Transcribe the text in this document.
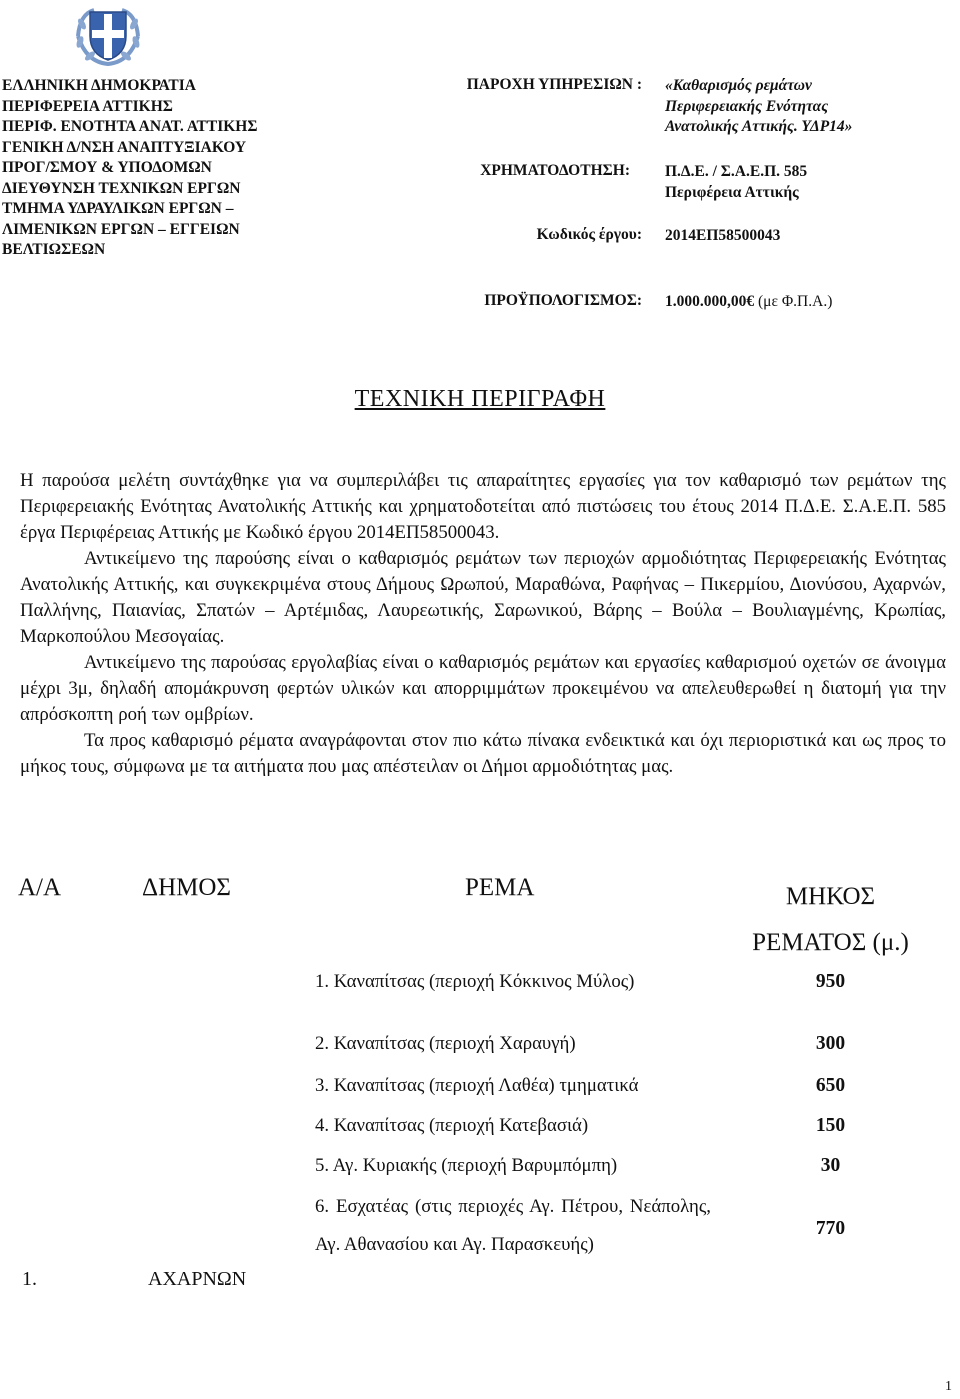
ΕΛΛΗΝΙΚΗ ΔΗΜΟΚΡΑΤΙΑ
ΠΕΡΙΦΕΡΕΙΑ ΑΤΤΙΚΗΣ
ΠΕΡΙΦ. ΕΝΟΤΗΤΑ ΑΝΑΤ. ΑΤΤΙΚΗΣ
ΓΕΝΙΚΗ Δ/ΝΣΗ ΑΝΑΠΤΥΞΙΑΚΟΥ
ΠΡΟΓ/ΣΜΟΥ & ΥΠΟΔΟΜΩΝ
ΔΙΕΥΘΥΝΣΗ ΤΕΧΝΙΚΩΝ ΕΡΓΩΝ
ΤΜΗΜΑ ΥΔΡΑΥΛΙΚΩΝ ΕΡΓΩΝ –
ΛΙΜΕΝΙΚΩΝ ΕΡΓΩΝ – ΕΓΓΕΙΩΝ
ΒΕΛΤΙΩΣΕΩΝ
ΠΑΡΟΧΗ ΥΠΗΡΕΣΙΩΝ : «Καθαρισμός ρεμάτων
Περιφερειακής Ενότητας
Ανατολικής Αττικής. ΥΔΡ14»
ΧΡΗΜΑΤΟΔΟΤΗΣΗ: Π.Δ.Ε. / Σ.Α.Ε.Π. 585
Περιφέρεια Αττικής
Κωδικός έργου: 2014ΕΠ58500043
ΠΡΟΫΠΟΛΟΓΙΣΜΟΣ: 1.000.000,00€ (με Φ.Π.Α.)
ΤΕΧΝΙΚΗ ΠΕΡΙΓΡΑΦΗ

Η παρούσα μελέτη συντάχθηκε για να συμπεριλάβει τις απαραίτητες εργασίες για τον καθαρισμό των ρεμάτων της Περιφερειακής Ενότητας Ανατολικής Αττικής και χρηματοδοτείται από πιστώσεις του έτους 2014 Π.Δ.Ε. Σ.Α.Ε.Π. 585 έργα Περιφέρειας Αττικής με Κωδικό έργου 2014ΕΠ58500043.

Αντικείμενο της παρούσης είναι ο καθαρισμός ρεμάτων των περιοχών αρμοδιότητας Περιφερειακής Ενότητας Ανατολικής Αττικής, και συγκεκριμένα στους Δήμους Ωρωπού, Μαραθώνα, Ραφήνας – Πικερμίου, Διονύσου, Αχαρνών, Παλλήνης, Παιανίας, Σπατών – Αρτέμιδας, Λαυρεωτικής, Σαρωνικού, Βάρης – Βούλα – Βουλιαγμένης, Κρωπίας, Μαρκοπούλου Μεσογαίας.

Αντικείμενο της παρούσας εργολαβίας είναι ο καθαρισμός ρεμάτων και εργασίες καθαρισμού οχετών σε άνοιγμα μέχρι 3μ, δηλαδή απομάκρυνση φερτών υλικών και απορριμμάτων προκειμένου να απελευθερωθεί η διατομή για την απρόσκοπτη ροή των ομβρίων.

Τα προς καθαρισμό ρέματα αναγράφονται στον πιο κάτω πίνακα ενδεικτικά και όχι περιοριστικά και ως προς το μήκος τους, σύμφωνα με τα αιτήματα που μας απέστειλαν οι Δήμοι αρμοδιότητας μας.

Α/Α	ΔΗΜΟΣ	ΡΕΜΑ	ΜΗΚΟΣ
ΡΕΜΑΤΟΣ (μ.)

1.	ΑΧΑΡΝΩΝ	1. Καναπίτσας (περιοχή Κόκκινος Μύλος)	950
		2. Καναπίτσας (περιοχή Χαραυγή)	300
		3. Καναπίτσας (περιοχή Λαθέα) τμηματικά	650
		4. Καναπίτσας (περιοχή Κατεβασιά)	150
		5. Αγ. Κυριακής (περιοχή Βαρυμπόμπη)	30
		6. Εσχατέας (στις περιοχές Αγ. Πέτρου, Νεάπολης, Αγ. Αθανασίου και Αγ. Παρασκευής)	770
1
